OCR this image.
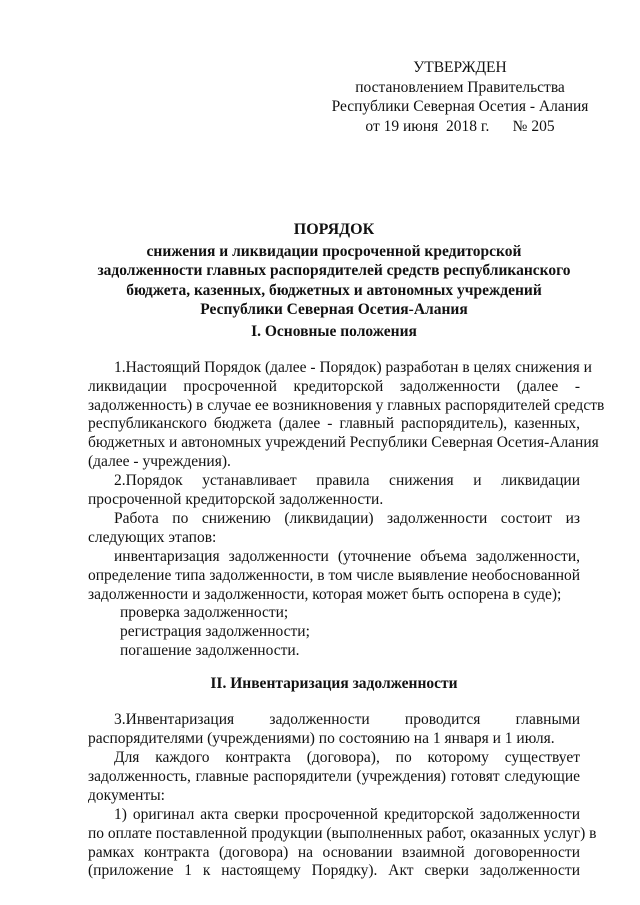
УТВЕРЖДЕН
постановлением Правительства
Республики Северная Осетия - Алания
от 19 июня  2018 г. № 205
ПОРЯДОК
снижения и ликвидации просроченной кредиторской
задолженности главных распорядителей средств республиканского
бюджета, казенных, бюджетных и автономных учреждений
Республики Северная Осетия-Алания
I. Основные положения
1.Настоящий Порядок (далее - Порядок) разработан в целях снижения и
ликвидации просроченной кредиторской задолженности (далее -
задолженность) в случае ее возникновения у главных распорядителей средств
республиканского бюджета (далее - главный распорядитель), казенных,
бюджетных и автономных учреждений Республики Северная Осетия-Алания
(далее - учреждения).
2.Порядок устанавливает правила снижения и ликвидации
просроченной кредиторской задолженности.
Работа по снижению (ликвидации) задолженности состоит из
следующих этапов:
инвентаризация задолженности (уточнение объема задолженности,
определение типа задолженности, в том числе выявление необоснованной
задолженности и задолженности, которая может быть оспорена в суде);
проверка задолженности;
регистрация задолженности;
погашение задолженности.
II. Инвентаризация задолженности
3.Инвентаризация задолженности проводится главными
распорядителями (учреждениями) по состоянию на 1 января и 1 июля.
Для каждого контракта (договора), по которому существует
задолженность, главные распорядители (учреждения) готовят следующие
документы:
1) оригинал акта сверки просроченной кредиторской задолженности
по оплате поставленной продукции (выполненных работ, оказанных услуг) в
рамках контракта (договора) на основании взаимной договоренности
(приложение 1 к настоящему Порядку). Акт сверки задолженности
